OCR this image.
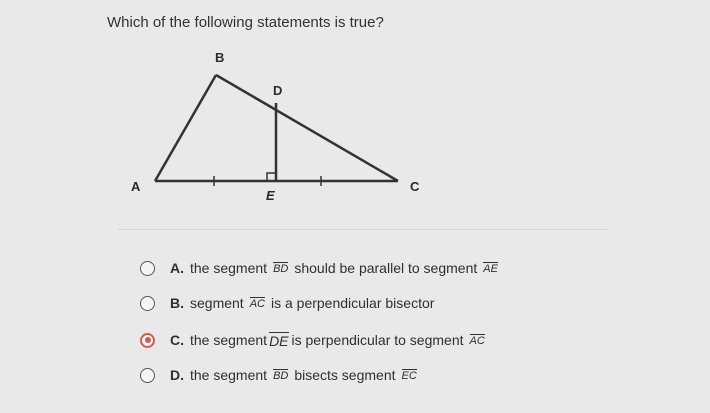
Which of the following statements is true?
A
B
C
D
E
A. the segment BD should be parallel to segment AE
B. segment AC is a perpendicular bisector
C. the segment DE is perpendicular to segment AC
D. the segment BD bisects segment EC
